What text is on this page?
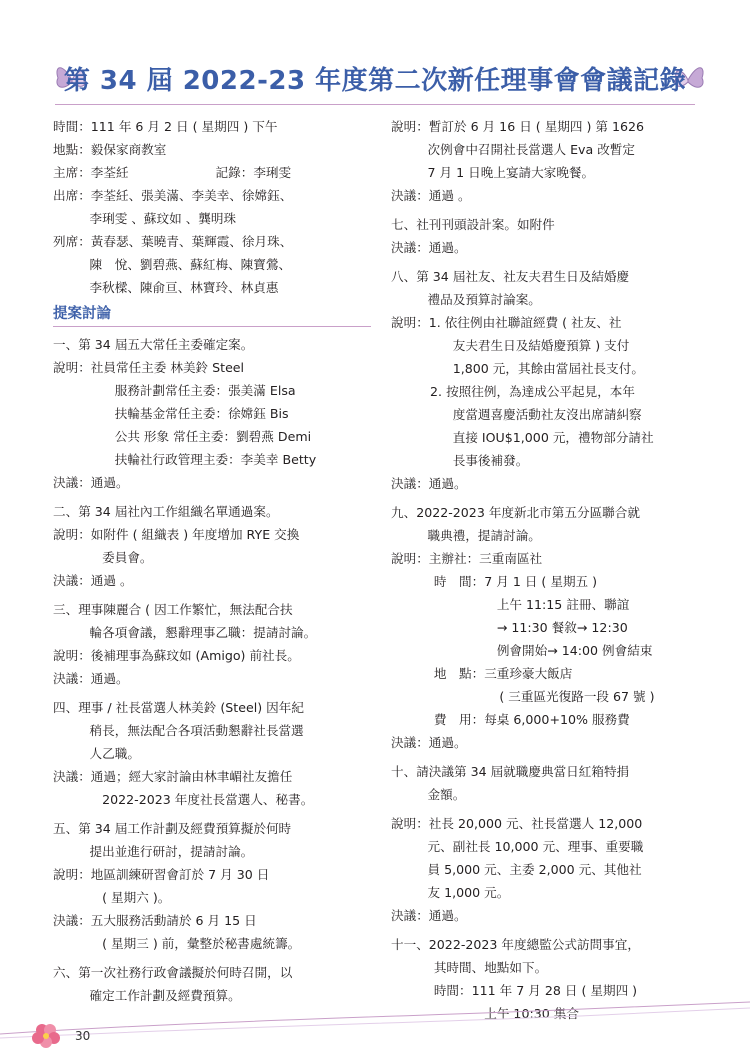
第 34 屆 2022-23 年度第二次新任理事會會議記錄
時間：111 年 6 月 2 日 ( 星期四 ) 下午
地點：毅保家商教室
主席：李荃紝	記錄：李琍雯
出席：李荃紝、張美滿、李美幸、徐嫦鈺、
李琍雯 、蘇玟如 、龔明珠
列席：黃春瑟、葉曉青、葉輝霞、徐月珠、
陳　悅、劉碧燕、蘇紅梅、陳寶鶯、
李秋樑、陳俞亘、林寶玲、林貞惠
提案討論
一、第 34 屆五大常任主委確定案。
說明：社員常任主委 林美鈴 Steel
服務計劃常任主委：張美滿 Elsa
扶輪基金常任主委：徐嫦鈺 Bis
公共 形象 常任主委：劉碧燕 Demi
扶輪社行政管理主委：李美幸 Betty
決議：通過。
二、第 34 屆社內工作組織名單通過案。
說明：如附件 ( 組織表 ) 年度增加 RYE 交換
委員會。
決議：通過 。
三、理事陳麗合 ( 因工作繁忙，無法配合扶
輪各項會議，懇辭理事乙職：提請討論。
說明：後補理事為蘇玟如 (Amigo) 前社長。
決議：通過。
四、理事 / 社長當選人林美鈴 (Steel) 因年紀
稍長，無法配合各項活動懇辭社長當選
人乙職。
決議：通過；經大家討論由林聿嵋社友擔任
2022-2023 年度社長當選人、秘書。
五、第 34 屆工作計劃及經費預算擬於何時
提出並進行研討，提請討論。
說明：地區訓練研習會訂於 7 月 30 日
( 星期六 )。
決議：五大服務活動請於 6 月 15 日
( 星期三 ) 前，彙整於秘書處統籌。
六、第一次社務行政會議擬於何時召開，以
確定工作計劃及經費預算。
說明：暫訂於 6 月 16 日 ( 星期四 ) 第 1626
次例會中召開社長當選人 Eva 改暫定
7 月 1 日晚上宴請大家晚餐。
決議：通過 。
七、社刊刊頭設計案。如附件
決議：通過。
八、第 34 屆社友、社友夫君生日及結婚慶
禮品及預算討論案。
說明：1. 依往例由社聯誼經費 ( 社友、社
友夫君生日及結婚慶預算 ) 支付
1,800 元，其餘由當屆社長支付。
2. 按照往例，為達成公平起見，本年
度當週喜慶活動社友沒出席請糾察
直接 IOU$1,000 元，禮物部分請社
長事後補發。
決議：通過。
九、2022-2023 年度新北市第五分區聯合就
職典禮，提請討論。
說明：主辦社：三重南區社
時　間：7 月 1 日 ( 星期五 )
上午 11:15 註冊、聯誼
→ 11:30 餐敘→ 12:30
例會開始→ 14:00 例會結束
地　點：三重珍豪大飯店
( 三重區光復路一段 67 號 )
費　用：每桌 6,000+10% 服務費
決議：通過。
十、請決議第 34 屆就職慶典當日紅箱特捐
金額。
說明：社長 20,000 元、社長當選人 12,000
元、副社長 10,000 元、理事、重要職
員 5,000 元、主委 2,000 元、其他社
友 1,000 元。
決議：通過。
十一、2022-2023 年度總監公式訪問事宜，
其時間、地點如下。
時間：111 年 7 月 28 日 ( 星期四 )
上午 10:30 集合
30
